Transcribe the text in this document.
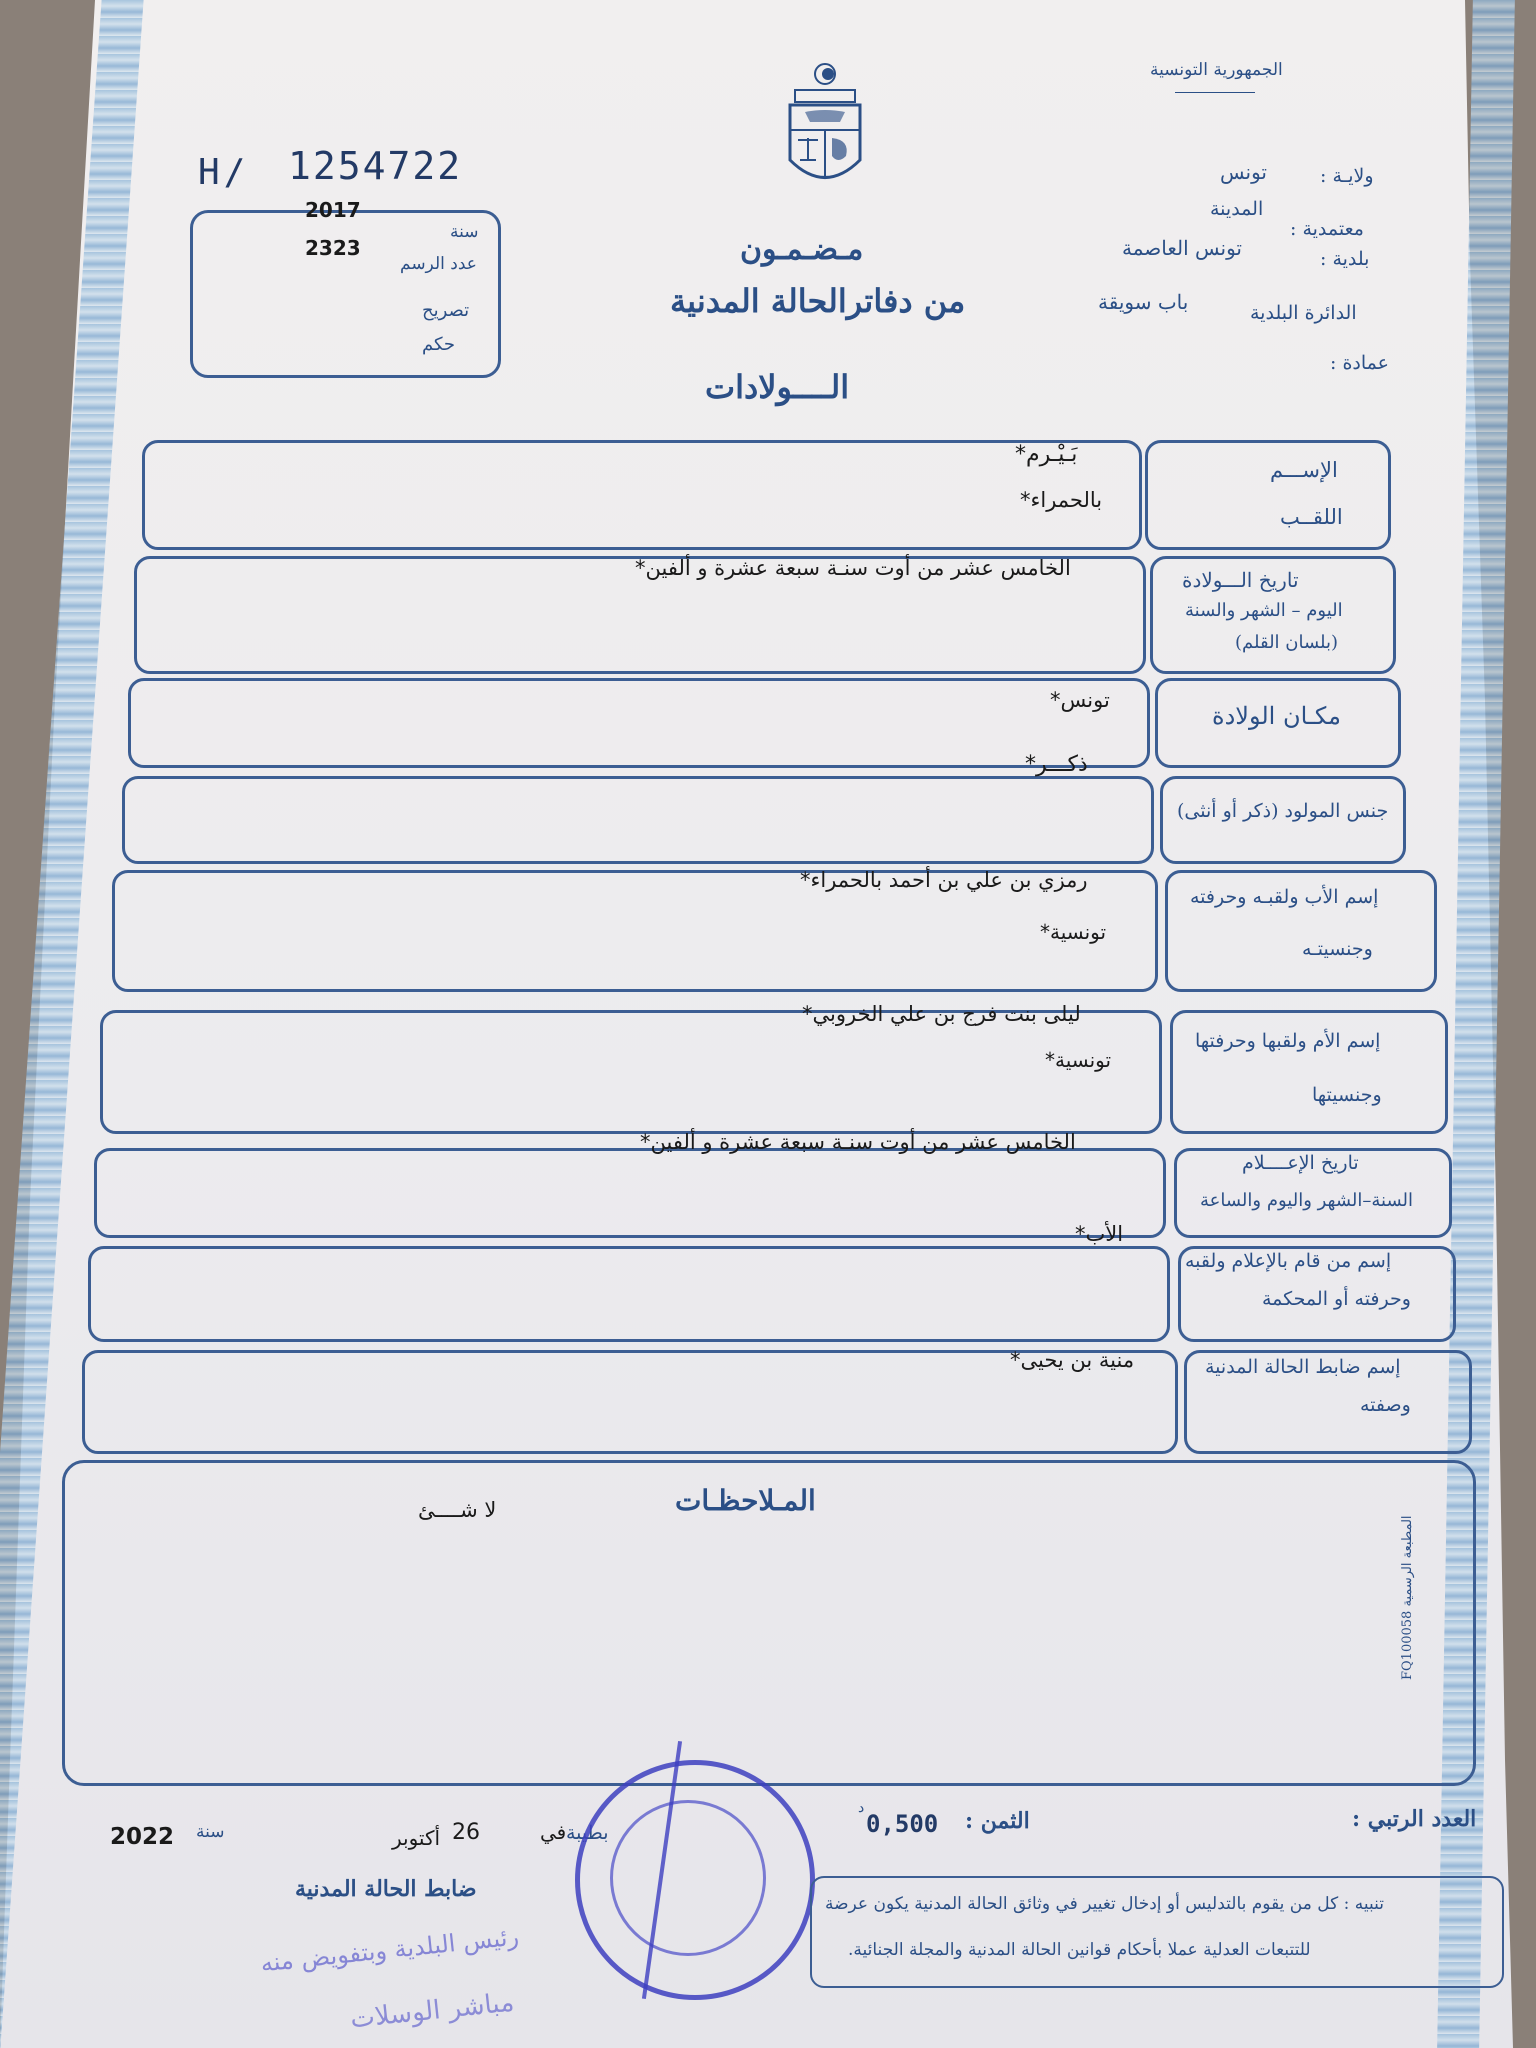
الجمهورية التونسية
H/ 1254722
2017
2323
سنة
عدد الرسم
تصريح
حكم
ولايـة :
تونس
معتمدية :
المدينة
بلدية :
تونس العاصمة
الدائرة البلدية
باب سويقة
عمادة :
مـضـمـون
من دفاترالحالة المدنية
الــــولادات
الإســـم
اللقــب
بَـيْـرم*
بالحمراء*
تاريخ الـــولادة
اليوم – الشهر والسنة
(بلسان القلم)
الخامس عشر من أوت سنـة سبعة عشرة و ألفين*
مكـان الولادة
تونس*
جنس المولود (ذكر أو أنثى)
ذكـــر*
إسم الأب ولقبـه وحرفته
وجنسيتـه
رمزي بن علي بن أحمد بالحمراء*
تونسية*
إسم الأم ولقبها وحرفتها
وجنسيتها
ليلى بنت فرج بن علي الخروبي*
تونسية*
تاريخ الإعــــلام
السنة–الشهر واليوم والساعة
الخامس عشر من أوت سنـة سبعة عشرة و ألفين*
إسم من قام بالإعلام ولقبه
وحرفته أو المحكمة
الأب*
إسم ضابط الحالة المدنية
وصفته
منية بن يحيى*
المـلاحظـات
لا شــــئ
المطبعة الرسمية FQ100058
العدد الرتبي :
الثمن :
0,500
د
بطيبة
في
26
أكتوبر
سنة
2022
ضابط الحالة المدنية
رئيس البلدية وبتفويض منه
مباشر الوسلات
تنبيه : كل من يقوم بالتدليس أو إدخال تغيير في وثائق الحالة المدنية يكون عرضة
للتتبعات العدلية عملا بأحكام قوانين الحالة المدنية والمجلة الجنائية.
